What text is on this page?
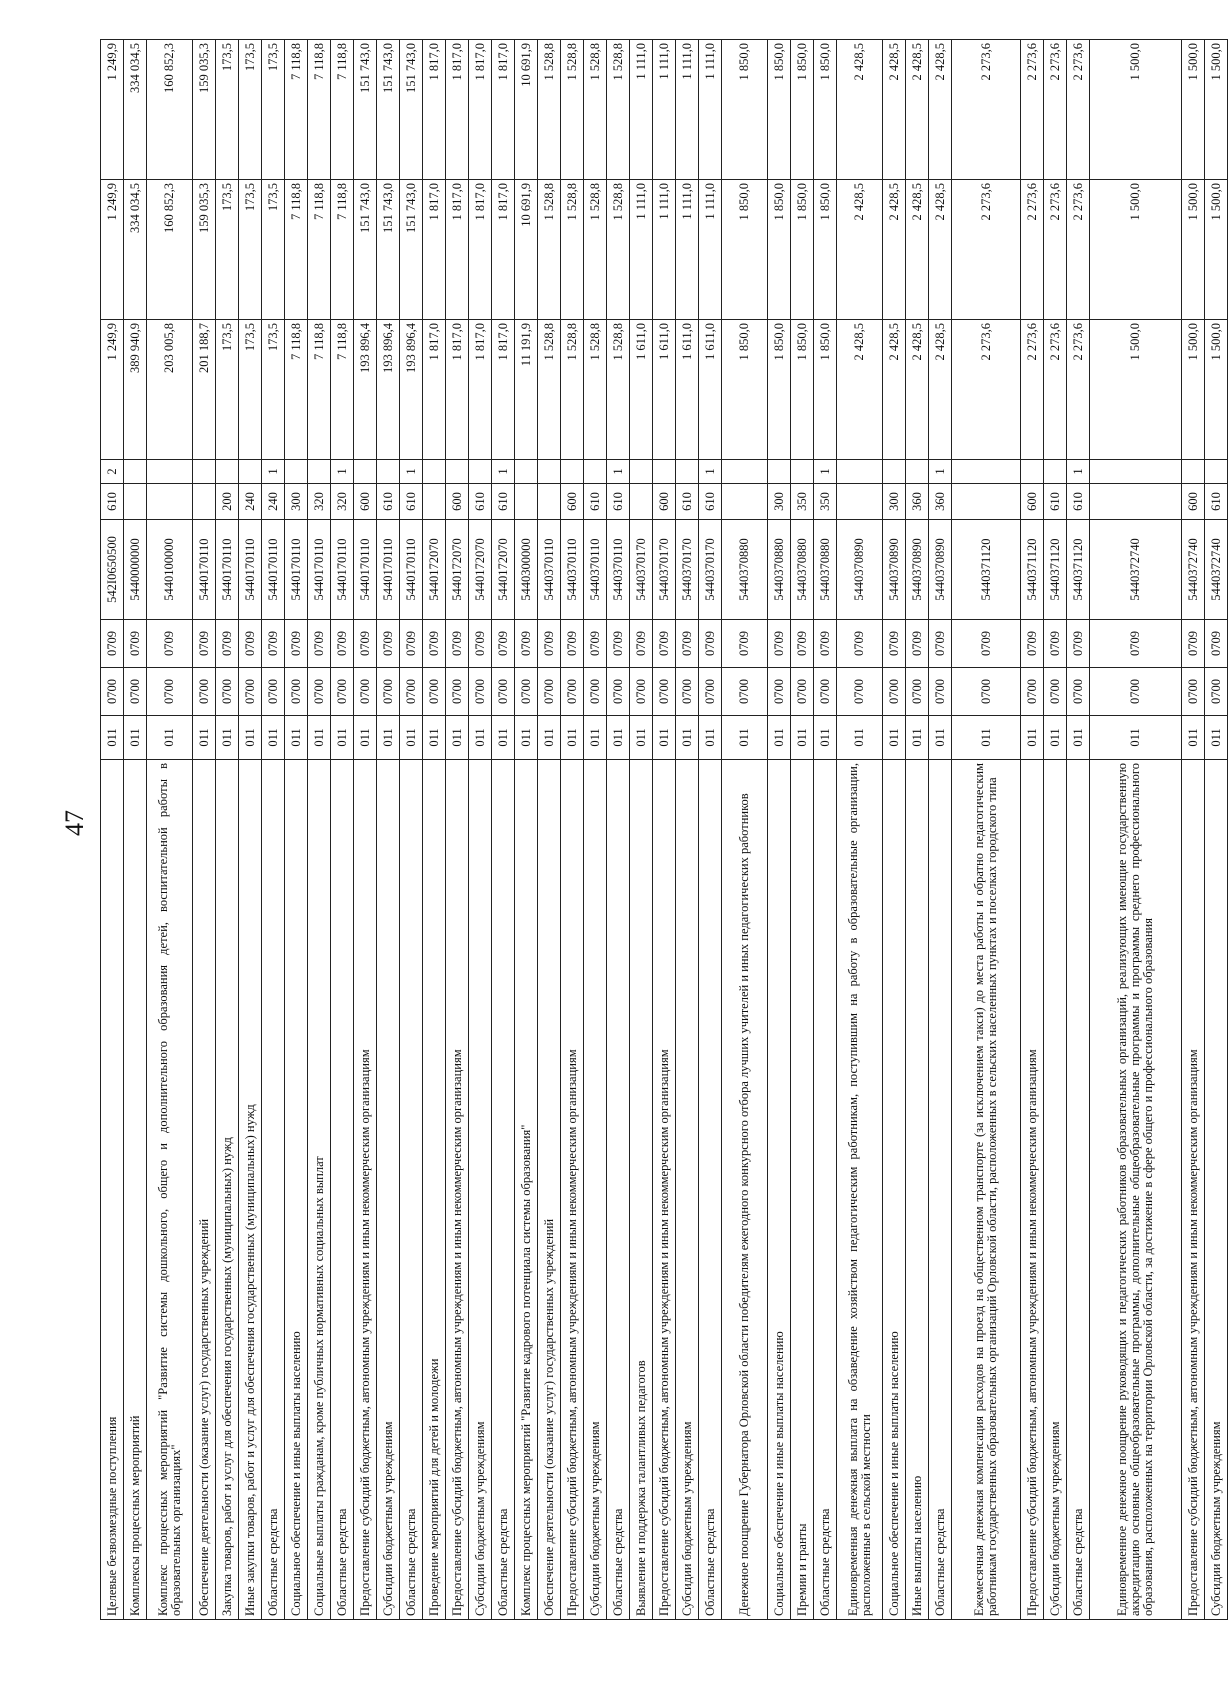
47
Целевые безвозмездные поступления	011	0700	0709	542I0650500	610	2	1 249,9	1 249,9	1 249,9
Комплексы процессных мероприятий	011	0700	0709	5440000000			389 940,9	334 034,5	334 034,5
Комплекс процессных мероприятий "Развитие системы дошкольного, общего и дополнительного образования детей, воспитательной работы в образовательных организациях"	011	0700	0709	5440100000			203 005,8	160 852,3	160 852,3
Обеспечение деятельности (оказание услуг) государственных учреждений	011	0700	0709	5440170110			201 188,7	159 035,3	159 035,3
Закупка товаров, работ и услуг для обеспечения государственных (муниципальных) нужд	011	0700	0709	5440170110	200		173,5	173,5	173,5
Иные закупки товаров, работ и услуг для обеспечения государственных (муниципальных) нужд	011	0700	0709	5440170110	240		173,5	173,5	173,5
Областные средства	011	0700	0709	5440170110	240	1	173,5	173,5	173,5
Социальное обеспечение и иные выплаты населению	011	0700	0709	5440170110	300		7 118,8	7 118,8	7 118,8
Социальные выплаты гражданам, кроме публичных нормативных социальных выплат	011	0700	0709	5440170110	320		7 118,8	7 118,8	7 118,8
Областные средства	011	0700	0709	5440170110	320	1	7 118,8	7 118,8	7 118,8
Предоставление субсидий бюджетным, автономным учреждениям и иным некоммерческим организациям	011	0700	0709	5440170110	600		193 896,4	151 743,0	151 743,0
Субсидии бюджетным учреждениям	011	0700	0709	5440170110	610		193 896,4	151 743,0	151 743,0
Областные средства	011	0700	0709	5440170110	610	1	193 896,4	151 743,0	151 743,0
Проведение мероприятий для детей и молодежи	011	0700	0709	5440172070			1 817,0	1 817,0	1 817,0
Предоставление субсидий бюджетным, автономным учреждениям и иным некоммерческим организациям	011	0700	0709	5440172070	600		1 817,0	1 817,0	1 817,0
Субсидии бюджетным учреждениям	011	0700	0709	5440172070	610		1 817,0	1 817,0	1 817,0
Областные средства	011	0700	0709	5440172070	610	1	1 817,0	1 817,0	1 817,0
Комплекс процессных мероприятий "Развитие кадрового потенциала системы образования"	011	0700	0709	5440300000			11 191,9	10 691,9	10 691,9
Обеспечение деятельности (оказание услуг) государственных учреждений	011	0700	0709	5440370110			1 528,8	1 528,8	1 528,8
Предоставление субсидий бюджетным, автономным учреждениям и иным некоммерческим организациям	011	0700	0709	5440370110	600		1 528,8	1 528,8	1 528,8
Субсидии бюджетным учреждениям	011	0700	0709	5440370110	610		1 528,8	1 528,8	1 528,8
Областные средства	011	0700	0709	5440370110	610	1	1 528,8	1 528,8	1 528,8
Выявление и поддержка талантливых педагогов	011	0700	0709	5440370170			1 611,0	1 111,0	1 111,0
Предоставление субсидий бюджетным, автономным учреждениям и иным некоммерческим организациям	011	0700	0709	5440370170	600		1 611,0	1 111,0	1 111,0
Субсидии бюджетным учреждениям	011	0700	0709	5440370170	610		1 611,0	1 111,0	1 111,0
Областные средства	011	0700	0709	5440370170	610	1	1 611,0	1 111,0	1 111,0
Денежное поощрение Губернатора Орловской области победителям ежегодного конкурсного отбора лучших учителей и иных педагогических работников	011	0700	0709	5440370880			1 850,0	1 850,0	1 850,0
Социальное обеспечение и иные выплаты населению	011	0700	0709	5440370880	300		1 850,0	1 850,0	1 850,0
Премии и гранты	011	0700	0709	5440370880	350		1 850,0	1 850,0	1 850,0
Областные средства	011	0700	0709	5440370880	350	1	1 850,0	1 850,0	1 850,0
Единовременная денежная выплата на обзаведение хозяйством педагогическим работникам, поступившим на работу в образовательные организации, расположенные в сельской местности	011	0700	0709	5440370890			2 428,5	2 428,5	2 428,5
Социальное обеспечение и иные выплаты населению	011	0700	0709	5440370890	300		2 428,5	2 428,5	2 428,5
Иные выплаты населению	011	0700	0709	5440370890	360		2 428,5	2 428,5	2 428,5
Областные средства	011	0700	0709	5440370890	360	1	2 428,5	2 428,5	2 428,5
Ежемесячная денежная компенсация расходов на проезд на общественном транспорте (за исключением такси) до места работы и обратно педагогическим работникам государственных образовательных организаций Орловской области, расположенных в сельских населенных пунктах и поселках городского типа	011	0700	0709	5440371120			2 273,6	2 273,6	2 273,6
Предоставление субсидий бюджетным, автономным учреждениям и иным некоммерческим организациям	011	0700	0709	5440371120	600		2 273,6	2 273,6	2 273,6
Субсидии бюджетным учреждениям	011	0700	0709	5440371120	610		2 273,6	2 273,6	2 273,6
Областные средства	011	0700	0709	5440371120	610	1	2 273,6	2 273,6	2 273,6
Единовременное денежное поощрение руководящих и педагогических работников образовательных организаций, реализующих имеющие государственную аккредитацию основные общеобразовательные программы, дополнительные общеобразовательные программы и программы среднего профессионального образования, расположенных на территории Орловской области, за достижение в сфере общего и профессионального образования	011	0700	0709	5440372740			1 500,0	1 500,0	1 500,0
Предоставление субсидий бюджетным, автономным учреждениям и иным некоммерческим организациям	011	0700	0709	5440372740	600		1 500,0	1 500,0	1 500,0
Субсидии бюджетным учреждениям	011	0700	0709	5440372740	610		1 500,0	1 500,0	1 500,0
